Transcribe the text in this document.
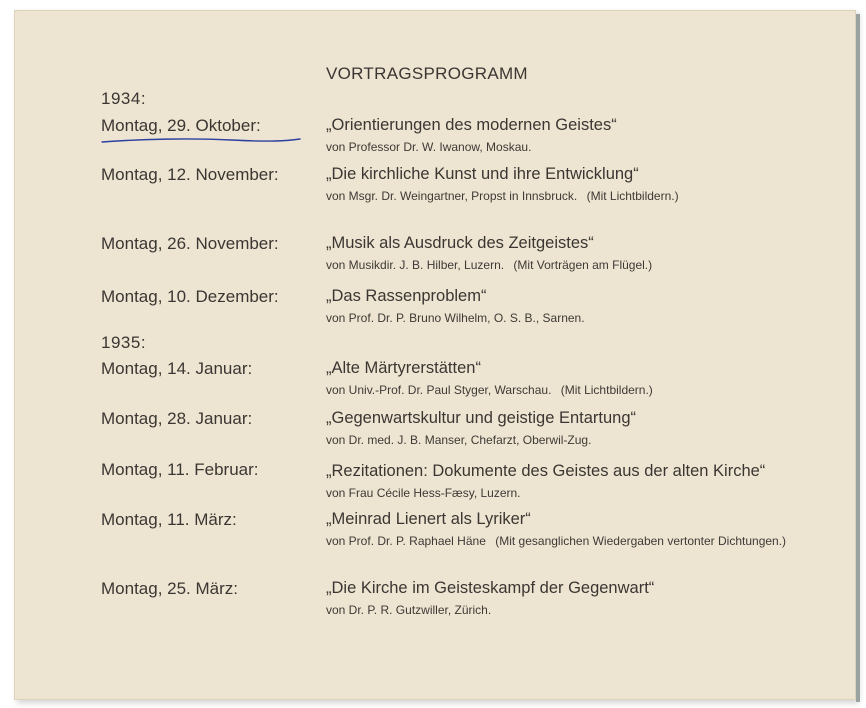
VORTRAGSPROGRAMM
1934:
Montag, 29. Oktober:	„Orientierungen des modernen Geistes“
von Professor Dr. W. Iwanow, Moskau.
Montag, 12. November:	„Die kirchliche Kunst und ihre Entwicklung“
von Msgr. Dr. Weingartner, Propst in Innsbruck. (Mit Lichtbildern.)
Montag, 26. November:	„Musik als Ausdruck des Zeitgeistes“
von Musikdir. J. B. Hilber, Luzern. (Mit Vorträgen am Flügel.)
Montag, 10. Dezember:	„Das Rassenproblem“
von Prof. Dr. P. Bruno Wilhelm, O. S. B., Sarnen.
1935:
Montag, 14. Januar:	„Alte Märtyrerstätten“
von Univ.-Prof. Dr. Paul Styger, Warschau. (Mit Lichtbildern.)
Montag, 28. Januar:	„Gegenwartskultur und geistige Entartung“
von Dr. med. J. B. Manser, Chefarzt, Oberwil-Zug.
Montag, 11. Februar:	„Rezitationen: Dokumente des Geistes aus der alten Kirche“
von Frau Cécile Hess-Fæsy, Luzern.
Montag, 11. März:	„Meinrad Lienert als Lyriker“
von Prof. Dr. P. Raphael Häne (Mit gesanglichen Wiedergaben vertonter Dichtungen.)
Montag, 25. März:	„Die Kirche im Geisteskampf der Gegenwart“
von Dr. P. R. Gutzwiller, Zürich.
